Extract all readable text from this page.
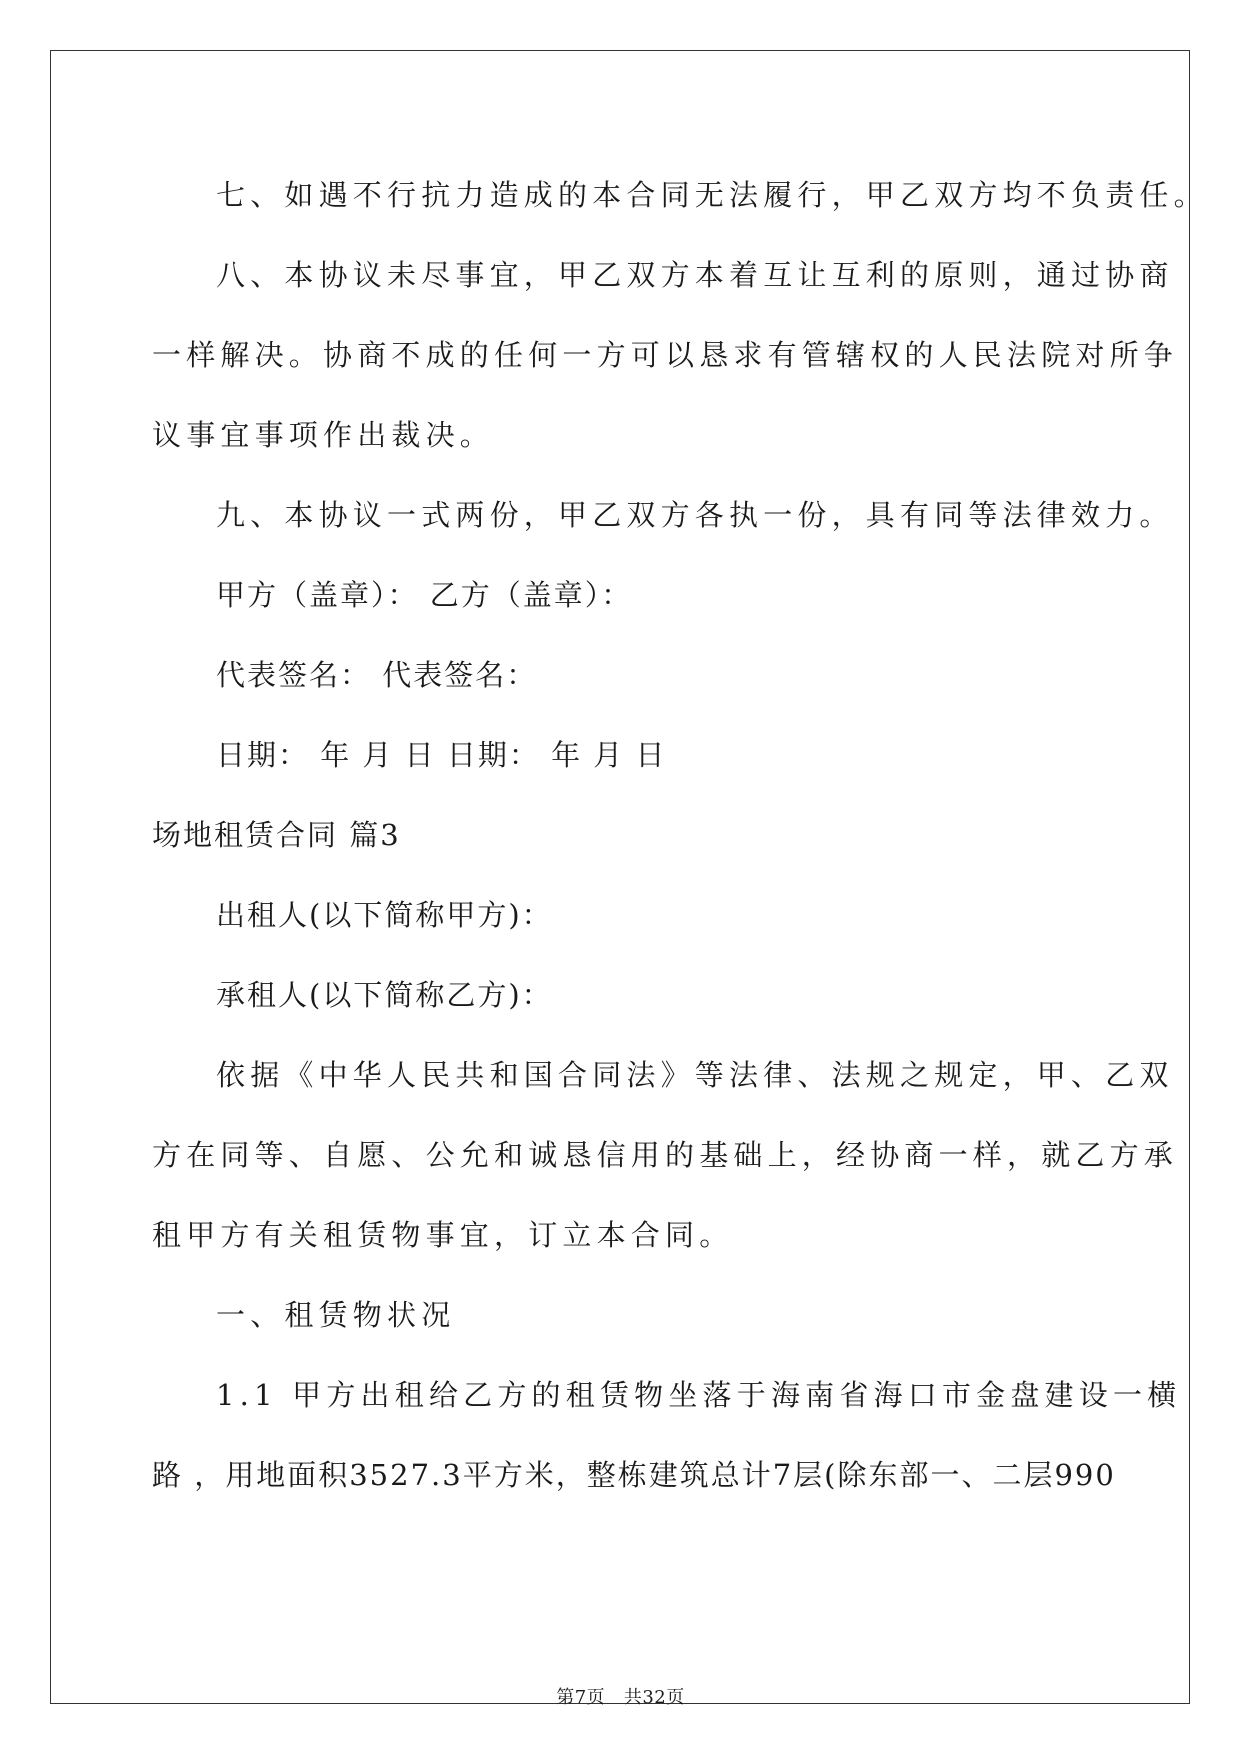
七、如遇不行抗力造成的本合同无法履行，甲乙双方均不负责任。
八、本协议未尽事宜，甲乙双方本着互让互利的原则，通过协商
一样解决。协商不成的任何一方可以恳求有管辖权的人民法院对所争
议事宜事项作出裁决。
九、本协议一式两份，甲乙双方各执一份，具有同等法律效力。
甲方（盖章）： 乙方（盖章）：
代表签名： 代表签名：
日期： 年 月 日 日期： 年 月 日
场地租赁合同 篇3
出租人(以下简称甲方)：
承租人(以下简称乙方)：
依据《中华人民共和国合同法》等法律、法规之规定，甲、乙双
方在同等、自愿、公允和诚恳信用的基础上，经协商一样，就乙方承
租甲方有关租赁物事宜，订立本合同。
一、租赁物状况
1.1 甲方出租给乙方的租赁物坐落于海南省海口市金盘建设一横
路 ，用地面积3527.3平方米，整栋建筑总计7层(除东部一、二层990
第7页   共32页
